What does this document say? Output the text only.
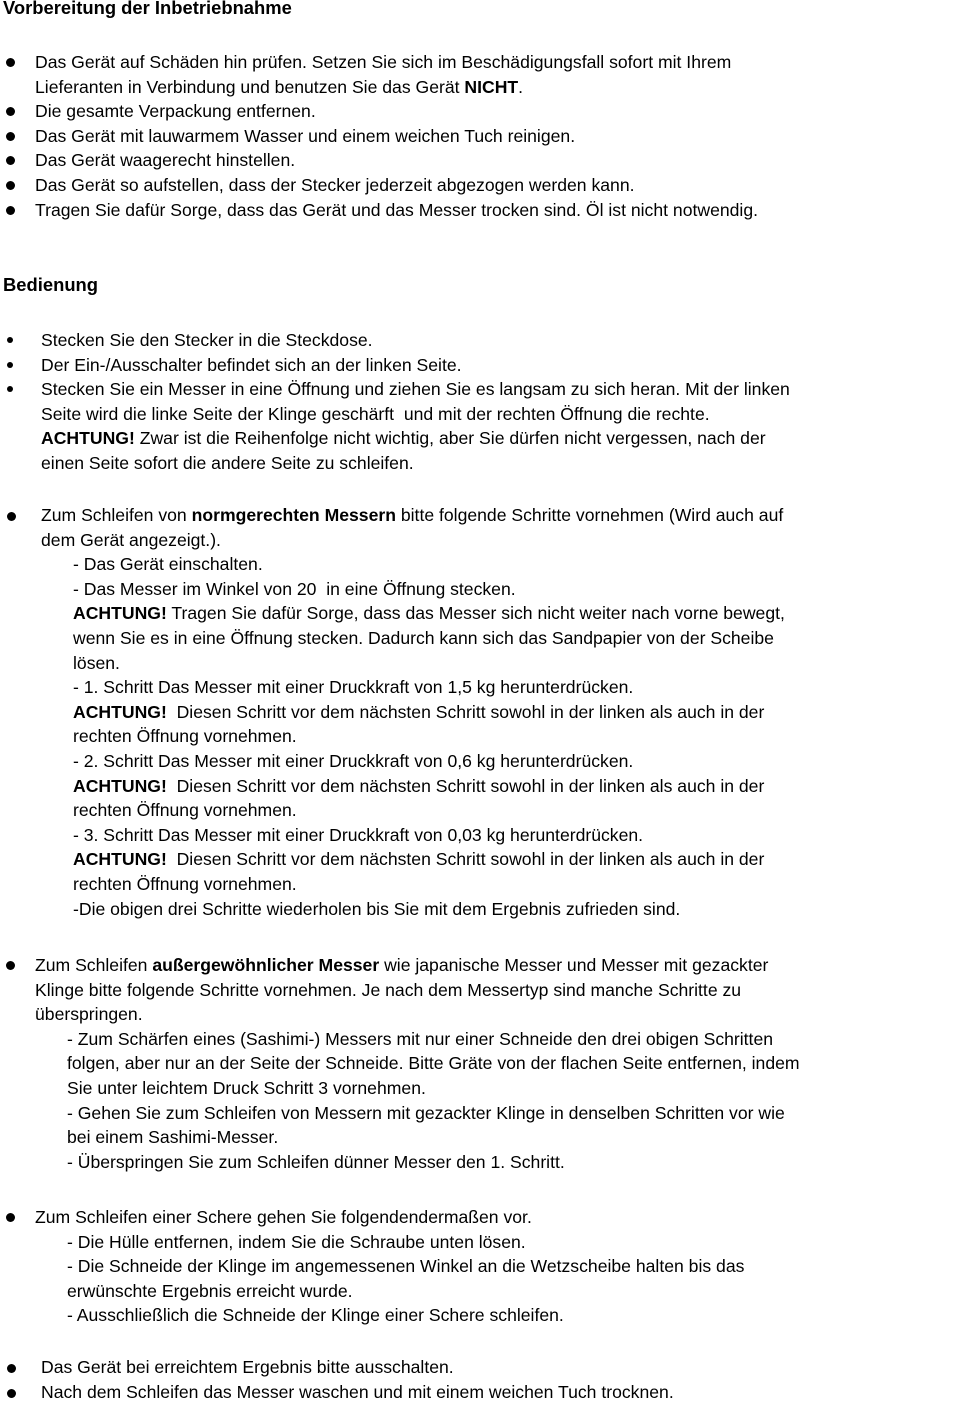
Vorbereitung der Inbetriebnahme
Das Gerät auf Schäden hin prüfen. Setzen Sie sich im Beschädigungsfall sofort mit Ihrem
Lieferanten in Verbindung und benutzen Sie das Gerät NICHT.
Die gesamte Verpackung entfernen.
Das Gerät mit lauwarmem Wasser und einem weichen Tuch reinigen.
Das Gerät waagerecht hinstellen.
Das Gerät so aufstellen, dass der Stecker jederzeit abgezogen werden kann.
Tragen Sie dafür Sorge, dass das Gerät und das Messer trocken sind. Öl ist nicht notwendig.
Bedienung
Stecken Sie den Stecker in die Steckdose.
Der Ein-/Ausschalter befindet sich an der linken Seite.
Stecken Sie ein Messer in eine Öffnung und ziehen Sie es langsam zu sich heran. Mit der linken
Seite wird die linke Seite der Klinge geschärft  und mit der rechten Öffnung die rechte.
ACHTUNG! Zwar ist die Reihenfolge nicht wichtig, aber Sie dürfen nicht vergessen, nach der
einen Seite sofort die andere Seite zu schleifen.
Zum Schleifen von normgerechten Messern bitte folgende Schritte vornehmen (Wird auch auf
dem Gerät angezeigt.).
- Das Gerät einschalten.
- Das Messer im Winkel von 20  in eine Öffnung stecken.
ACHTUNG! Tragen Sie dafür Sorge, dass das Messer sich nicht weiter nach vorne bewegt,
wenn Sie es in eine Öffnung stecken. Dadurch kann sich das Sandpapier von der Scheibe
lösen.
- 1. Schritt Das Messer mit einer Druckkraft von 1,5 kg herunterdrücken.
ACHTUNG!  Diesen Schritt vor dem nächsten Schritt sowohl in der linken als auch in der
rechten Öffnung vornehmen.
- 2. Schritt Das Messer mit einer Druckkraft von 0,6 kg herunterdrücken.
ACHTUNG!  Diesen Schritt vor dem nächsten Schritt sowohl in der linken als auch in der
rechten Öffnung vornehmen.
- 3. Schritt Das Messer mit einer Druckkraft von 0,03 kg herunterdrücken.
ACHTUNG!  Diesen Schritt vor dem nächsten Schritt sowohl in der linken als auch in der
rechten Öffnung vornehmen.
-Die obigen drei Schritte wiederholen bis Sie mit dem Ergebnis zufrieden sind.
Zum Schleifen außergewöhnlicher Messer wie japanische Messer und Messer mit gezackter
Klinge bitte folgende Schritte vornehmen. Je nach dem Messertyp sind manche Schritte zu
überspringen.
- Zum Schärfen eines (Sashimi-) Messers mit nur einer Schneide den drei obigen Schritten
folgen, aber nur an der Seite der Schneide. Bitte Gräte von der flachen Seite entfernen, indem
Sie unter leichtem Druck Schritt 3 vornehmen.
- Gehen Sie zum Schleifen von Messern mit gezackter Klinge in denselben Schritten vor wie
bei einem Sashimi-Messer.
- Überspringen Sie zum Schleifen dünner Messer den 1. Schritt.
Zum Schleifen einer Schere gehen Sie folgendendermaßen vor.
- Die Hülle entfernen, indem Sie die Schraube unten lösen.
- Die Schneide der Klinge im angemessenen Winkel an die Wetzscheibe halten bis das
erwünschte Ergebnis erreicht wurde.
- Ausschließlich die Schneide der Klinge einer Schere schleifen.
Das Gerät bei erreichtem Ergebnis bitte ausschalten.
Nach dem Schleifen das Messer waschen und mit einem weichen Tuch trocknen.
